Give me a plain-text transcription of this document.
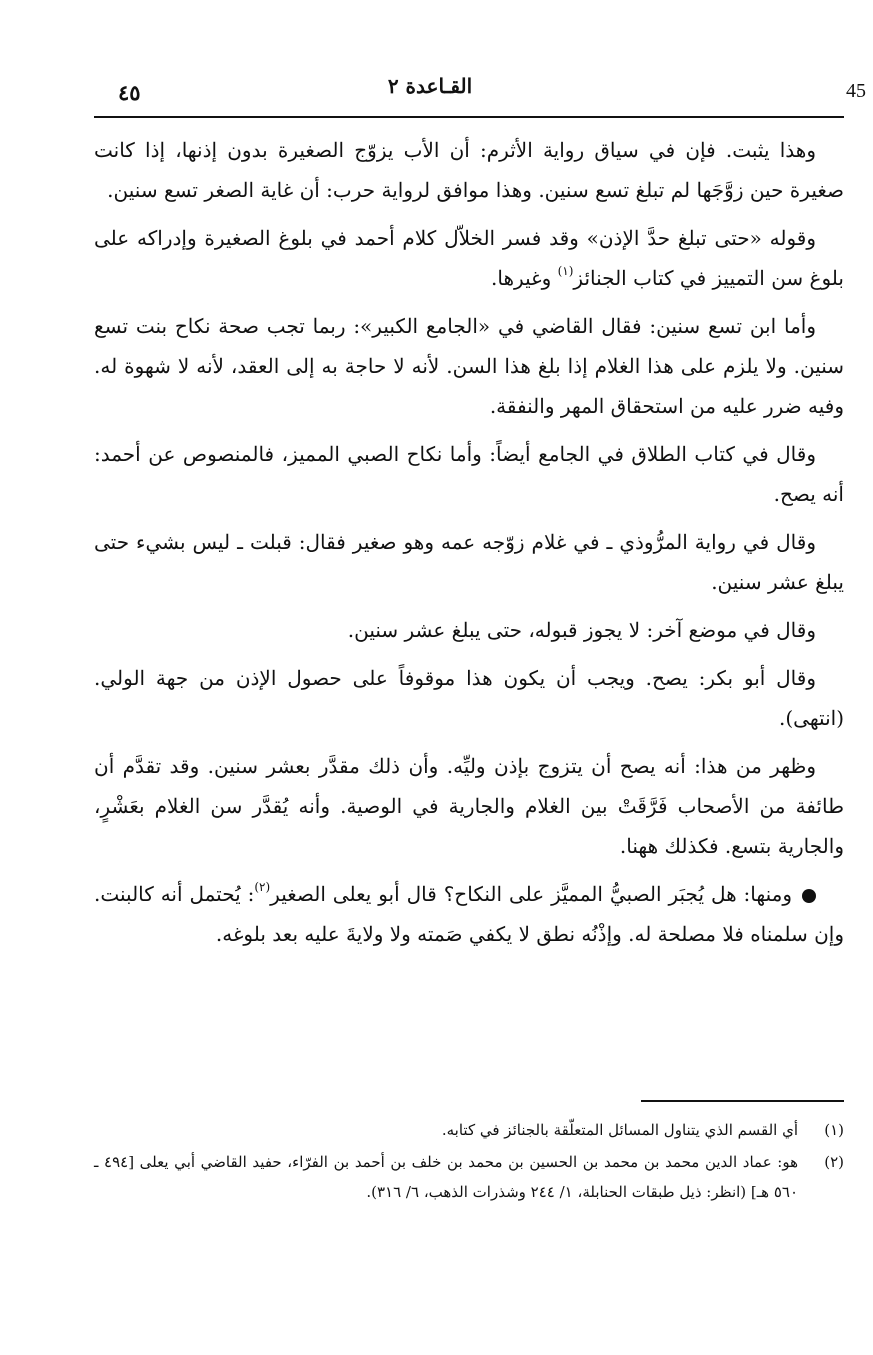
45
القـاعدة ٢
٤٥

وهذا يثبت. فإن في سياق رواية الأثرم: أن الأب يزوّج الصغيرة بدون إذنها، إذا كانت صغيرة حين زوَّجَها لم تبلغ تسع سنين. وهذا موافق لرواية حرب: أن غاية الصغر تسع سنين.

وقوله «حتى تبلغ حدَّ الإذن» وقد فسر الخلاّل كلام أحمد في بلوغ الصغيرة وإدراكه على بلوغ سن التمييز في كتاب الجنائز$^{(١)}$ وغيرها.

وأما ابن تسع سنين: فقال القاضي في «الجامع الكبير»: ربما تجب صحة نكاح بنت تسع سنين. ولا يلزم على هذا الغلام إذا بلغ هذا السن. لأنه لا حاجة به إلى العقد، لأنه لا شهوة له. وفيه ضرر عليه من استحقاق المهر والنفقة.

وقال في كتاب الطلاق في الجامع أيضاً: وأما نكاح الصبي المميز، فالمنصوص عن أحمد: أنه يصح.

وقال في رواية المرُّوذي ـ في غلام زوّجه عمه وهو صغير فقال: قبلت ـ ليس بشيء حتى يبلغ عشر سنين.

وقال في موضع آخر: لا يجوز قبوله، حتى يبلغ عشر سنين.

وقال أبو بكر: يصح. ويجب أن يكون هذا موقوفاً على حصول الإذن من جهة الولي. (انتهى).

وظهر من هذا: أنه يصح أن يتزوج بإذن وليِّه. وأن ذلك مقدَّر بعشر سنين. وقد تقدَّم أن طائفة من الأصحاب فَرَّقَتْ بين الغلام والجارية في الوصية. وأنه يُقدَّر سن الغلام بعَشْرٍ، والجارية بتسع. فكذلك ههنا.

ومنها: هل يُجبَر الصبيُّ المميَّز على النكاح؟ قال أبو يعلى الصغير$^{(٢)}$: يُحتمل أنه كالبنت. وإن سلمناه فلا مصلحة له. وإذْنُه نطق لا يكفي صَمته ولا ولايةَ عليه بعد بلوغه.

(١)
أي القسم الذي يتناول المسائل المتعلّقة بالجنائز في كتابه.
(٢)
هو: عماد الدين محمد بن محمد بن الحسين بن محمد بن خلف بن أحمد بن الفرّاء، حفيد القاضي أبي يعلى [٤٩٤ ـ ٥٦٠ هـ] (انظر: ذيل طبقات الحنابلة، ١/ ٢٤٤ وشذرات الذهب، ٦/ ٣١٦).
